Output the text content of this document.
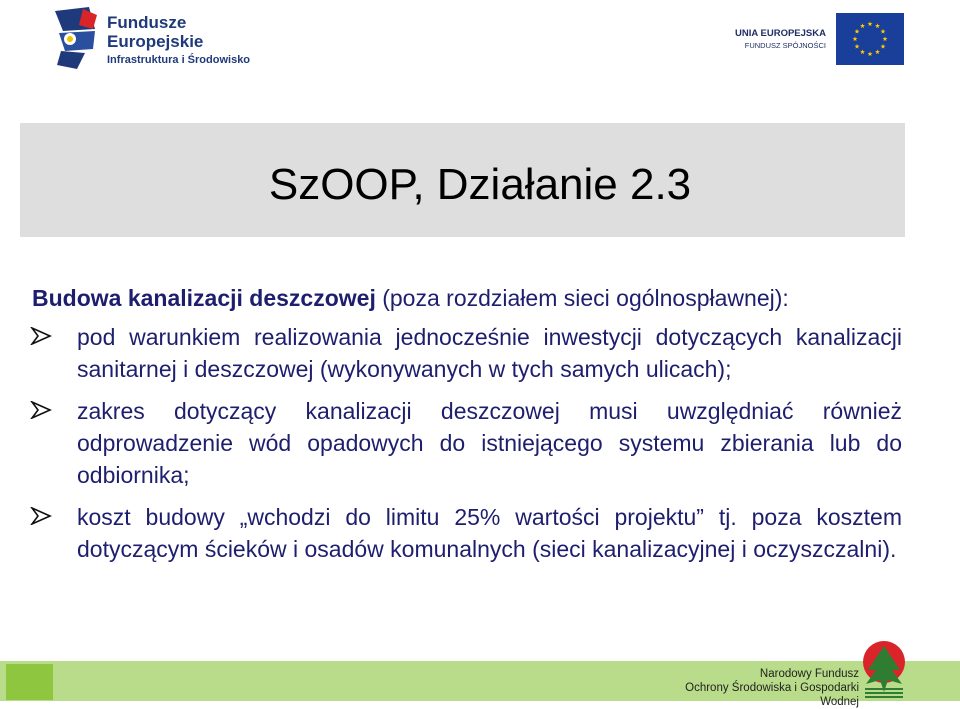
Fundusze
Europejskie
Infrastruktura i Środowisko
UNIA EUROPEJSKA
FUNDUSZ SPÓJNOŚCI
SzOOP, Działanie 2.3

Budowa kanalizacji deszczowej (poza rozdziałem sieci ogólnospławnej):

pod warunkiem realizowania jednocześnie inwestycji dotyczących kanalizacji sanitarnej i deszczowej (wykonywanych w tych samych ulicach);
zakres dotyczący kanalizacji deszczowej musi uwzględniać również odprowadzenie wód opadowych do istniejącego systemu zbierania lub do odbiornika;
koszt budowy „wchodzi do limitu 25% wartości projektu” tj. poza kosztem dotyczącym ścieków i osadów komunalnych (sieci kanalizacyjnej i oczyszczalni).
Narodowy Fundusz
Ochrony Środowiska i Gospodarki Wodnej
